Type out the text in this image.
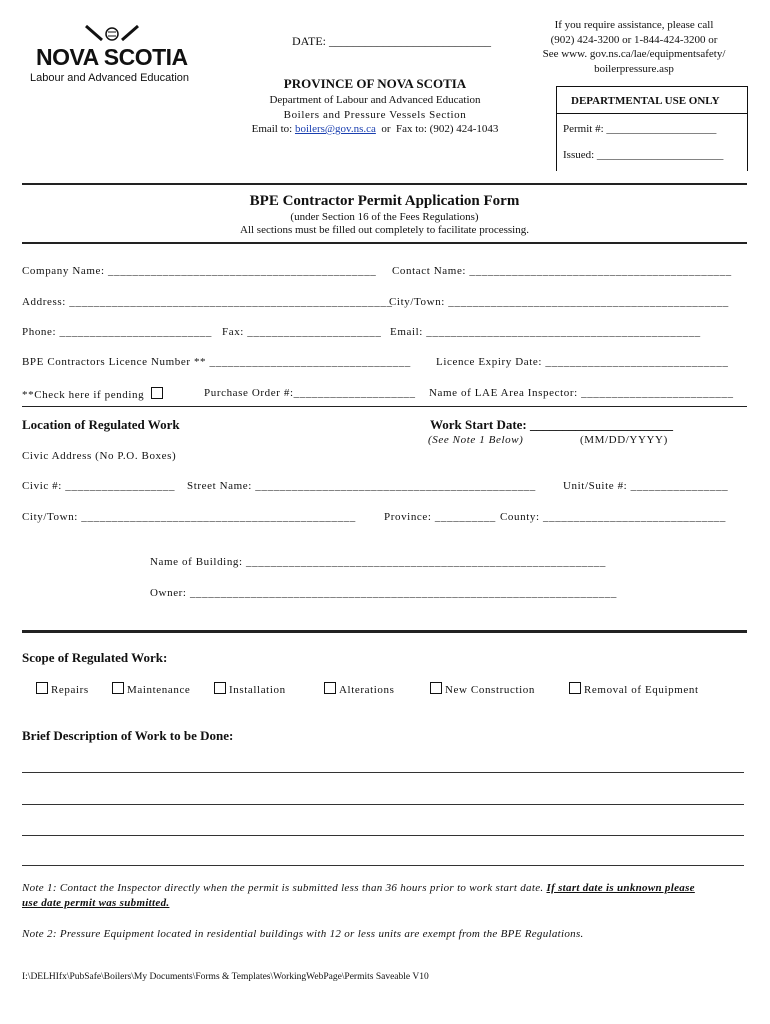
NOVA SCOTIA
Labour and Advanced Education
DATE: ___________________________
If you require assistance, please call
(902) 424-3200 or 1-844-424-3200 or
See www. gov.ns.ca/lae/equipmentsafety/
boilerpressure.asp
PROVINCE OF NOVA SCOTIA
Department of Labour and Advanced Education
Boilers and Pressure Vessels Section
Email to: boilers@gov.ns.ca  or  Fax to: (902) 424-1043
DEPARTMENTAL USE ONLY
Permit #: ____________________
Issued: _______________________
BPE Contractor Permit Application Form
(under Section 16 of the Fees Regulations)
All sections must be filled out completely to facilitate processing.
Company Name: ____________________________________________ Contact Name: ___________________________________________
Address: _____________________________________________________
City/Town: ______________________________________________
Phone: _________________________ Fax: ______________________ Email: _____________________________________________
BPE Contractors Licence Number ** _________________________________ Licence Expiry Date: ______________________________
**Check here if pending	Purchase Order #:____________________ Name of LAE Area Inspector: _________________________
Location of Regulated Work	Work Start Date: ______________________
(See Note 1 Below)	(MM/DD/YYYY)
Civic Address (No P.O. Boxes)
Civic #: __________________ Street Name: ______________________________________________ Unit/Suite #: ________________
City/Town: _____________________________________________	Province: __________ County: ______________________________
Name of Building: ___________________________________________________________
Owner: ______________________________________________________________________
Scope of Regulated Work:
Repairs	Maintenance	Installation	Alterations	New Construction	Removal of Equipment
Brief Description of Work to be Done:
Note 1: Contact the Inspector directly when the permit is submitted less than 36 hours prior to work start date. If start date is unknown please
use date permit was submitted.
Note 2: Pressure Equipment located in residential buildings with 12 or less units are exempt from the BPE Regulations.
I:\DELHIfx\PubSafe\Boilers\My Documents\Forms & Templates\WorkingWebPage\Permits Saveable V10
